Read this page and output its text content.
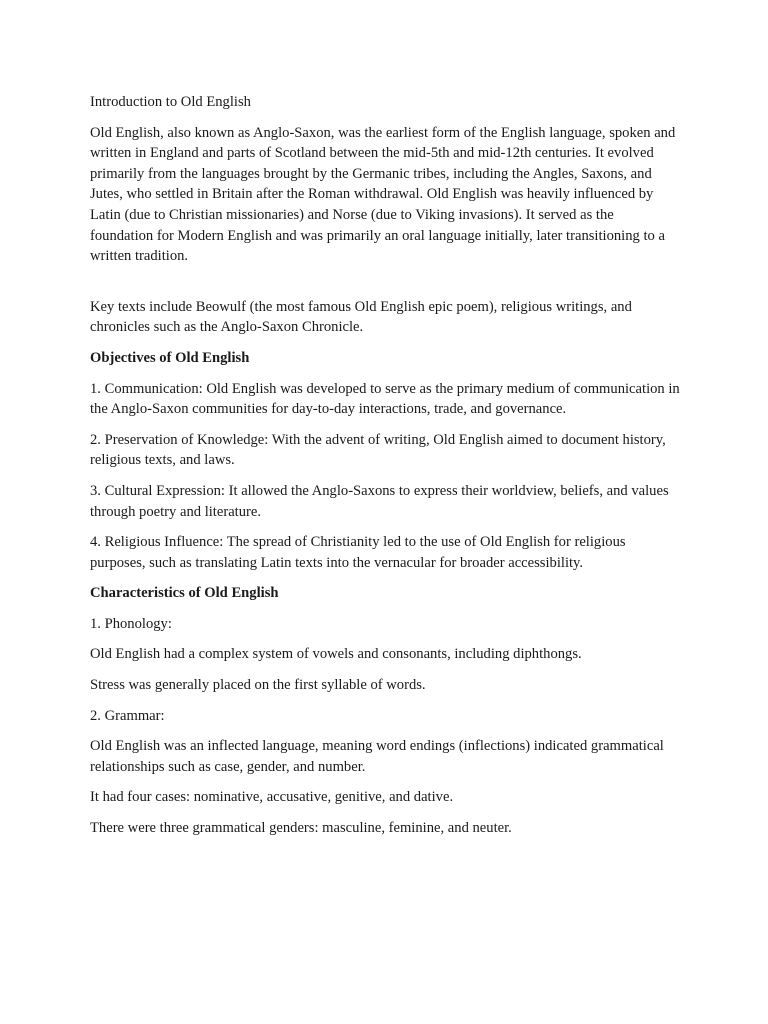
Introduction to Old English

Old English, also known as Anglo-Saxon, was the earliest form of the English language, spoken and written in England and parts of Scotland between the mid-5th and mid-12th centuries. It evolved primarily from the languages brought by the Germanic tribes, including the Angles, Saxons, and Jutes, who settled in Britain after the Roman withdrawal. Old English was heavily influenced by Latin (due to Christian missionaries) and Norse (due to Viking invasions). It served as the foundation for Modern English and was primarily an oral language initially, later transitioning to a written tradition.

Key texts include Beowulf (the most famous Old English epic poem), religious writings, and chronicles such as the Anglo-Saxon Chronicle.

Objectives of Old English

1. Communication: Old English was developed to serve as the primary medium of communication in the Anglo-Saxon communities for day-to-day interactions, trade, and governance.

2. Preservation of Knowledge: With the advent of writing, Old English aimed to document history, religious texts, and laws.

3. Cultural Expression: It allowed the Anglo-Saxons to express their worldview, beliefs, and values through poetry and literature.

4. Religious Influence: The spread of Christianity led to the use of Old English for religious purposes, such as translating Latin texts into the vernacular for broader accessibility.

Characteristics of Old English

1. Phonology:

Old English had a complex system of vowels and consonants, including diphthongs.

Stress was generally placed on the first syllable of words.

2. Grammar:

Old English was an inflected language, meaning word endings (inflections) indicated grammatical relationships such as case, gender, and number.

It had four cases: nominative, accusative, genitive, and dative.

There were three grammatical genders: masculine, feminine, and neuter.
